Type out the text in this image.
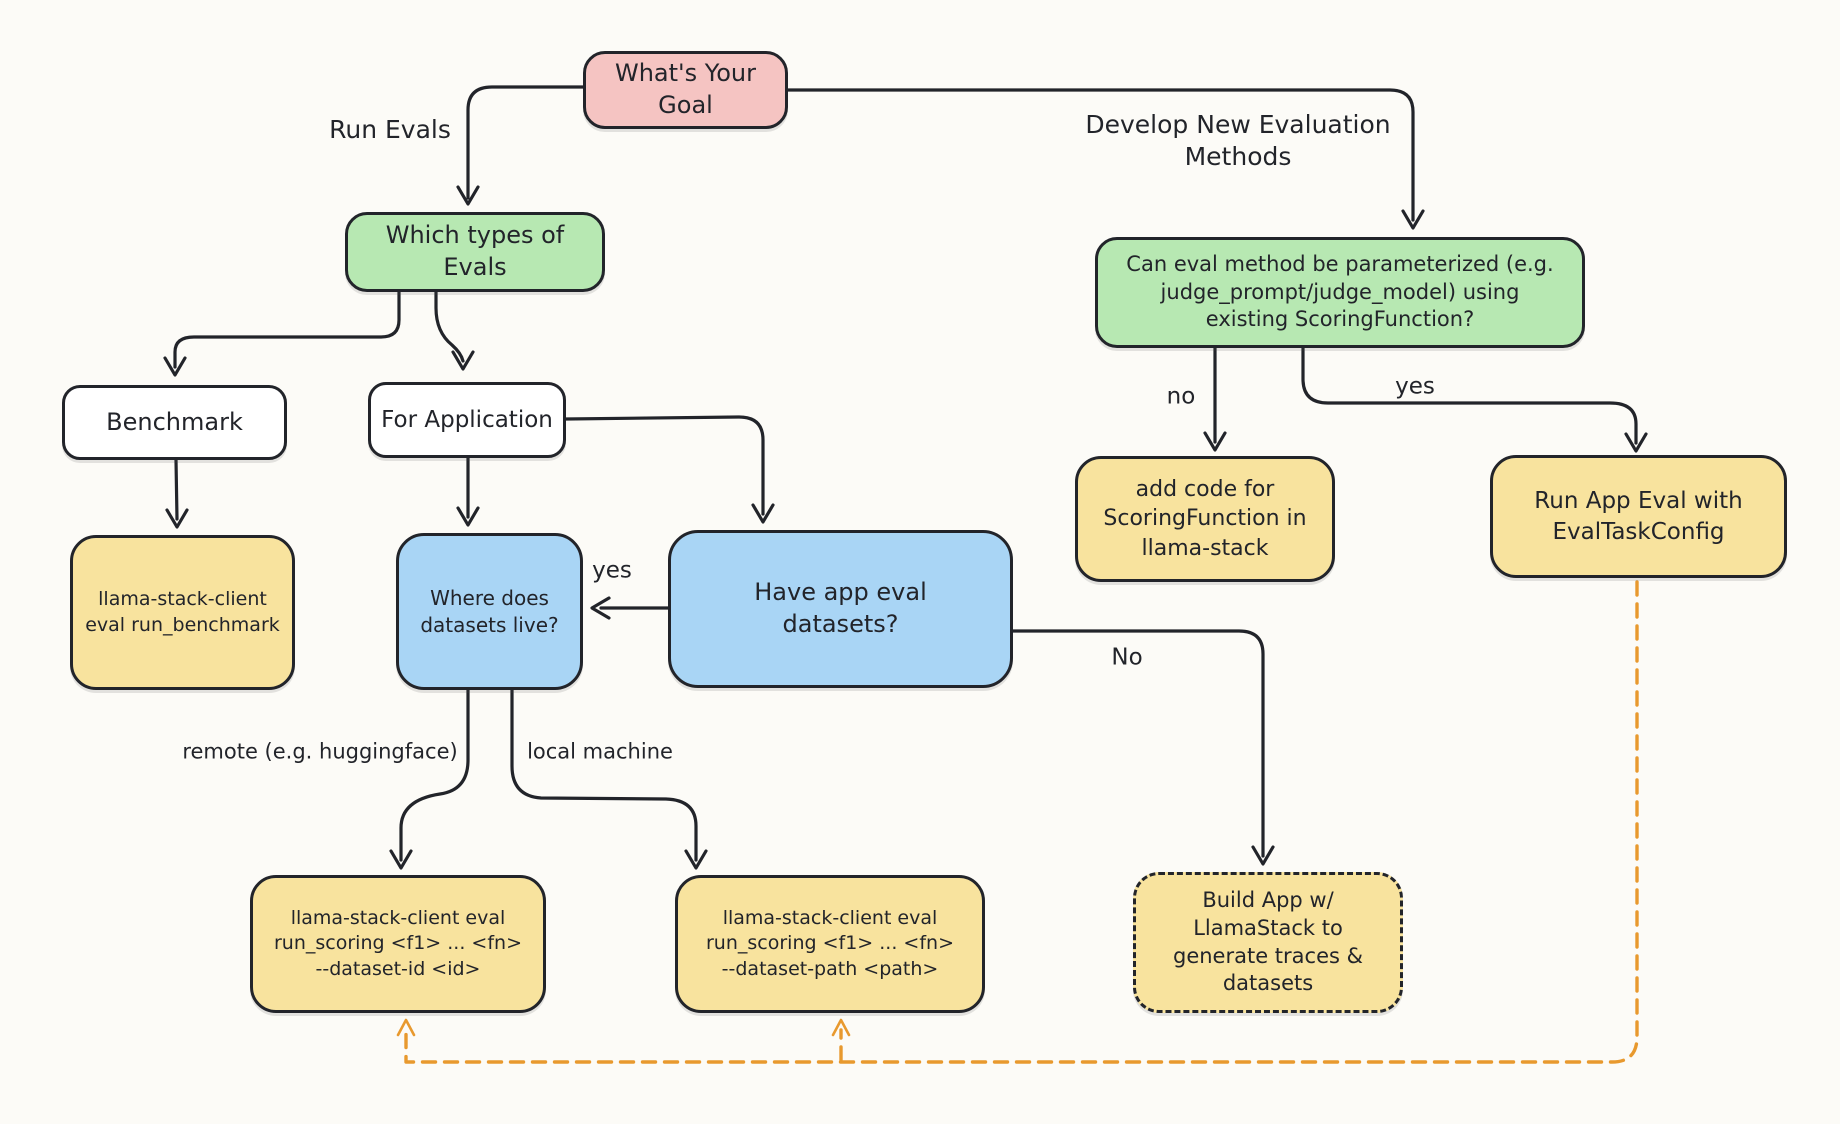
What's Your
Goal
Which types of
Evals	Can eval method be parameterized (e.g.
judge_prompt/judge_model) using
existing ScoringFunction?
Benchmark	For Application
llama-stack-client
eval run_benchmark
Where does
datasets live?
Have app eval
datasets?
add code for
ScoringFunction in
llama-stack
Run App Eval with
EvalTaskConfig
llama-stack-client eval
run_scoring <f1> ... <fn>
--dataset-id <id>
llama-stack-client eval
run_scoring <f1> ... <fn>
--dataset-path <path>
Build App w/
LlamaStack to
generate traces &
datasets
Run Evals	Develop New Evaluation
Methods
yes
No
no	yes
remote (e.g. huggingface)	local machine
